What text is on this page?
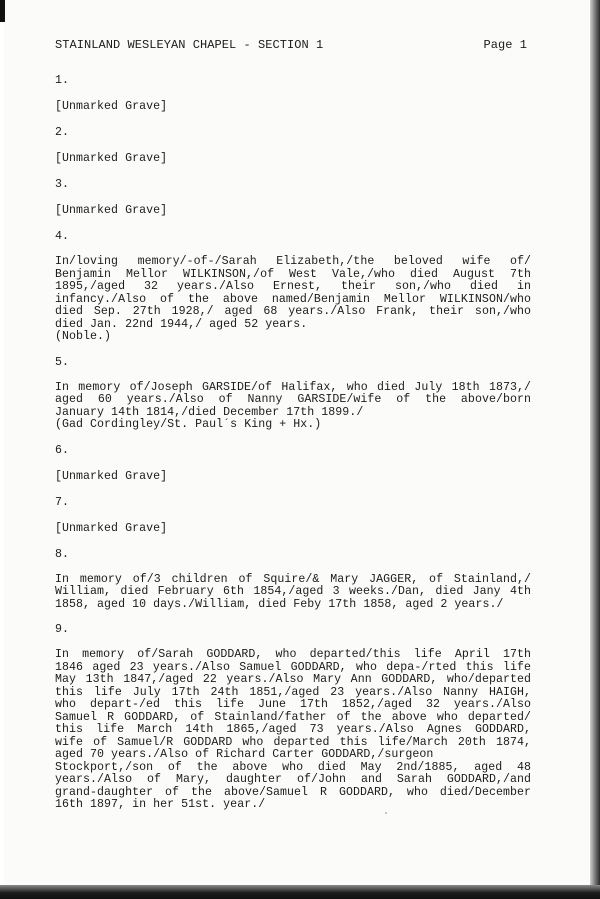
STAINLAND WESLEYAN CHAPEL - SECTION 1	Page 1
1.
[Unmarked Grave]
2.
[Unmarked Grave]
3.
[Unmarked Grave]
4.
In/loving memory/-of-/Sarah Elizabeth,/the beloved wife of/
Benjamin Mellor WILKINSON,/of West Vale,/who died August 7th
1895,/aged 32 years./Also Ernest, their son,/who died in
infancy./Also of the above named/Benjamin Mellor WILKINSON/who
died Sep. 27th 1928,/ aged 68 years./Also Frank, their son,/who
died Jan. 22nd 1944,/ aged 52 years.
(Noble.)
5.
In memory of/Joseph GARSIDE/of Halifax, who died July 18th 1873,/
aged 60 years./Also of Nanny GARSIDE/wife of the above/born
January 14th 1814,/died December 17th 1899./
(Gad Cordingley/St. Paul´s King + Hx.)
6.
[Unmarked Grave]
7.
[Unmarked Grave]
8.
In memory of/3 children of Squire/& Mary JAGGER, of Stainland,/
William, died February 6th 1854,/aged 3 weeks./Dan, died Jany 4th
1858, aged 10 days./William, died Feby 17th 1858, aged 2 years./
9.
In memory of/Sarah GODDARD, who departed/this life April 17th
1846 aged 23 years./Also Samuel GODDARD, who depa-/rted this life
May 13th 1847,/aged 22 years./Also Mary Ann GODDARD, who/departed
this life July 17th 24th 1851,/aged 23 years./Also Nanny HAIGH,
who depart-/ed this life June 17th 1852,/aged 32 years./Also
Samuel R GODDARD, of Stainland/father of the above who departed/
this life March 14th 1865,/aged 73 years./Also Agnes GODDARD,
wife of Samuel/R GODDARD who departed this life/March 20th 1874,
aged 70 years./Also of Richard Carter GODDARD,/surgeon
Stockport,/son of the above who died May 2nd/1885, aged 48
years./Also of Mary, daughter of/John and Sarah GODDARD,/and
grand-daughter of the above/Samuel R GODDARD, who died/December
16th 1897, in her 51st. year./
